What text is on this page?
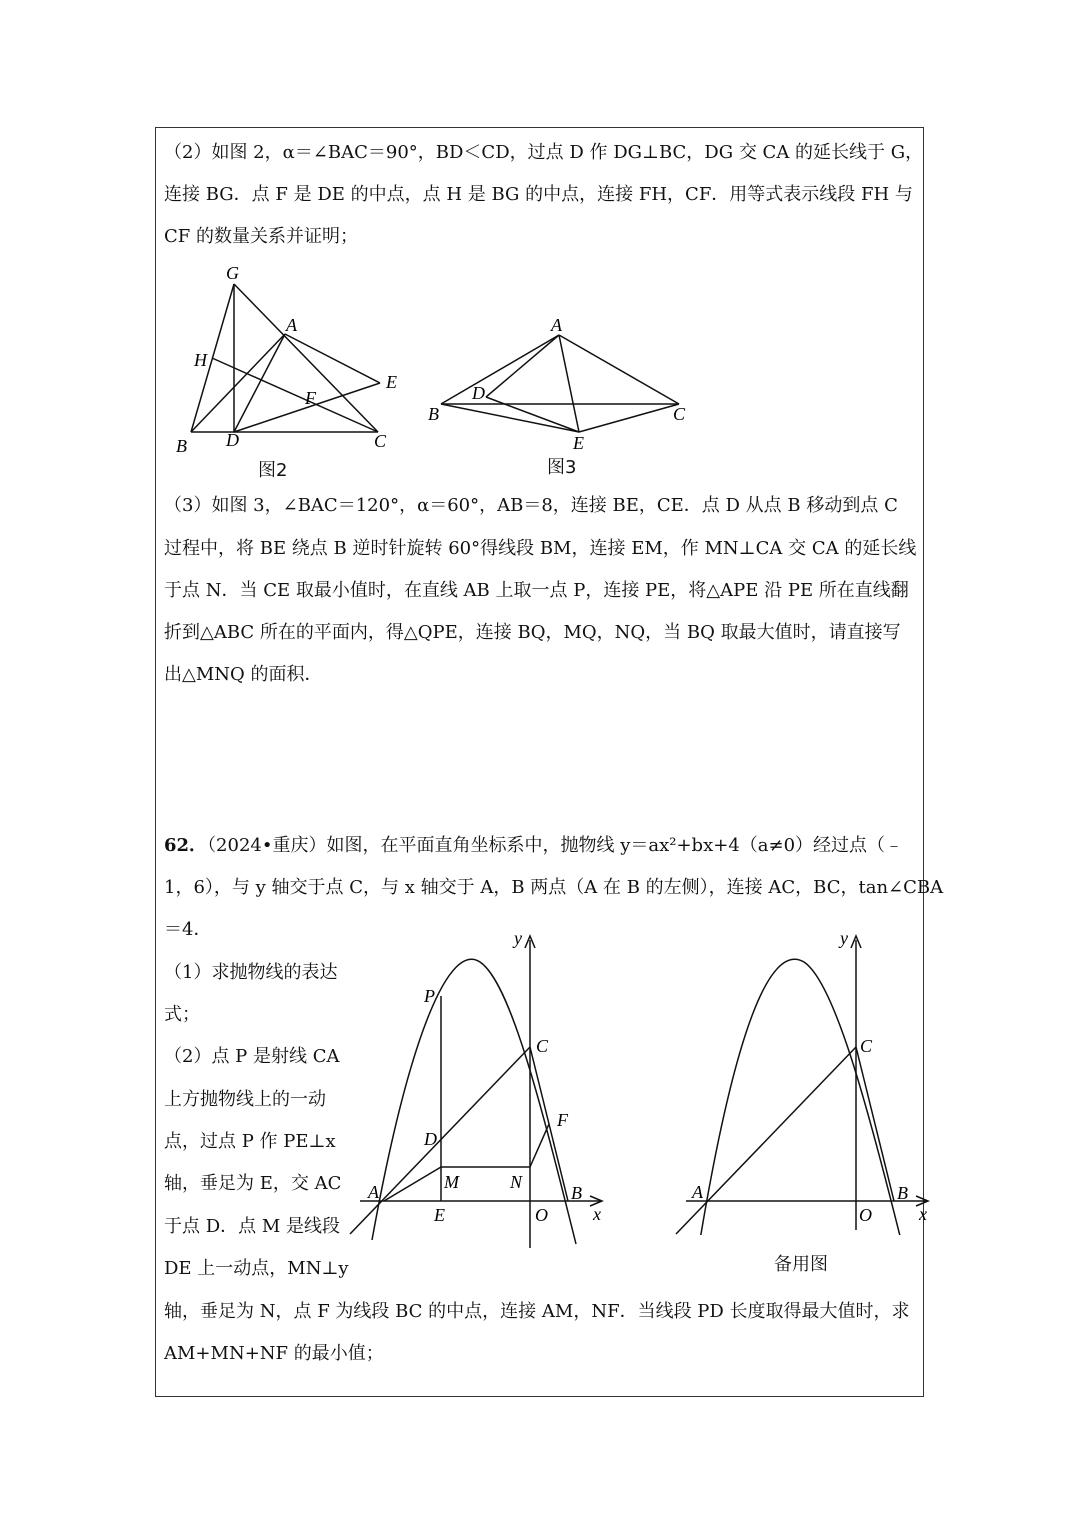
（2）如图 2，α＝∠BAC＝90°，BD＜CD，过点 D 作 DG⊥BC，DG 交 CA 的延长线于 G，
连接 BG．点 F 是 DE 的中点，点 H 是 BG 的中点，连接 FH，CF．用等式表示线段 FH 与
CF 的数量关系并证明；
G
A
H
E
F
B D	C
图2
A
D
B	C
E
图3
（3）如图 3，∠BAC＝120°，α＝60°，AB＝8，连接 BE，CE．点 D 从点 B 移动到点 C
过程中，将 BE 绕点 B 逆时针旋转 60°得线段 BM，连接 EM，作 MN⊥CA 交 CA 的延长线
于点 N．当 CE 取最小值时，在直线 AB 上取一点 P，连接 PE，将△APE 沿 PE 所在直线翻
折到△ABC 所在的平面内，得△QPE，连接 BQ，MQ，NQ，当 BQ 取最大值时，请直接写
出△MNQ 的面积．
62．（2024•重庆）如图，在平面直角坐标系中，抛物线 y＝ax²+bx+4（a≠0）经过点（﹣
1，6），与 y 轴交于点 C，与 x 轴交于 A，B 两点（A 在 B 的左侧），连接 AC，BC，tan∠CBA
＝4．
（1）求抛物线的表达
式；
（2）点 P 是射线 CA
上方抛物线上的一动
点，过点 P 作 PE⊥x
轴，垂足为 E，交 AC
于点 D．点 M 是线段
DE 上一动点，MN⊥y
轴，垂足为 N，点 F 为线段 BC 的中点，连接 AM，NF．当线段 PD 长度取得最大值时，求
AM+MN+NF 的最小值；
y
x
P
C
F
D
A	M	N
B
E	O
y
x
C
A	B
O
备用图
